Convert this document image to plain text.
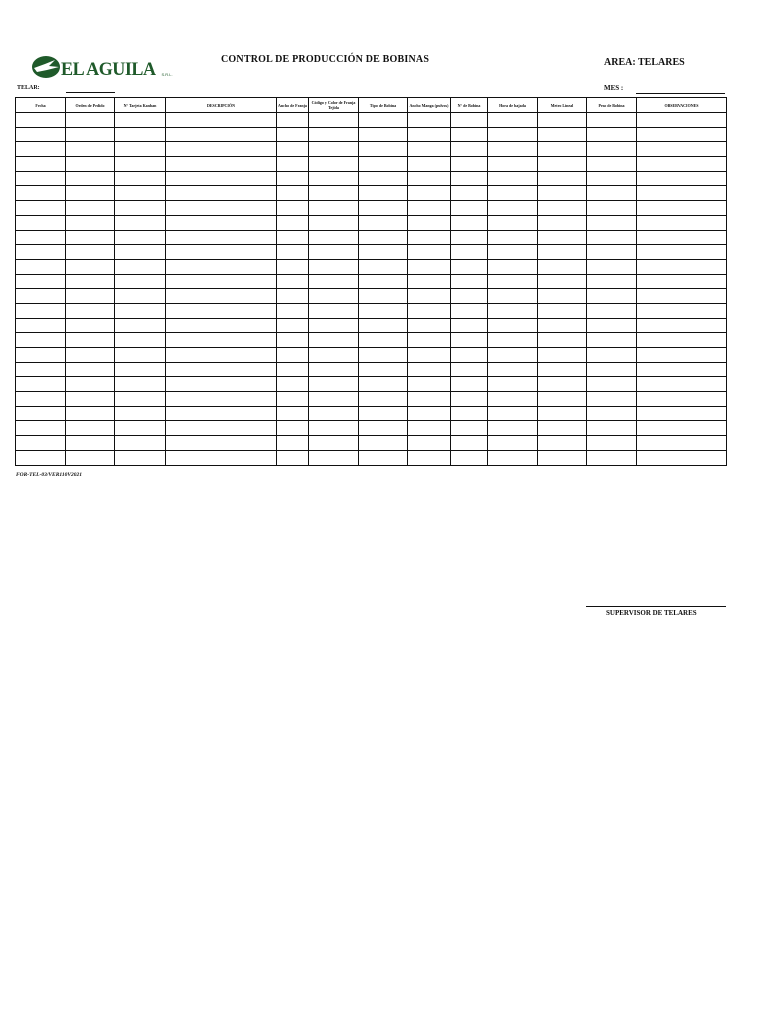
EL AGUILA S.R.L.
CONTROL DE PRODUCCIÓN DE BOBINAS	AREA: TELARES
TELAR:	MES :
Fecha	Orden de Pedido	N° Tarjeta Kanban	DESCRIPCIÓN	Ancho de Franja	Código y Color de Franja Tejida	Tipo de Bobina	Ancho Manga (pulvos)	N° de Bobina	Hora de bajada	Metro Lineal	Peso de Bobina	OBSERVACIONES

FOR-TEL-03/VER110V2021
SUPERVISOR DE TELARES
